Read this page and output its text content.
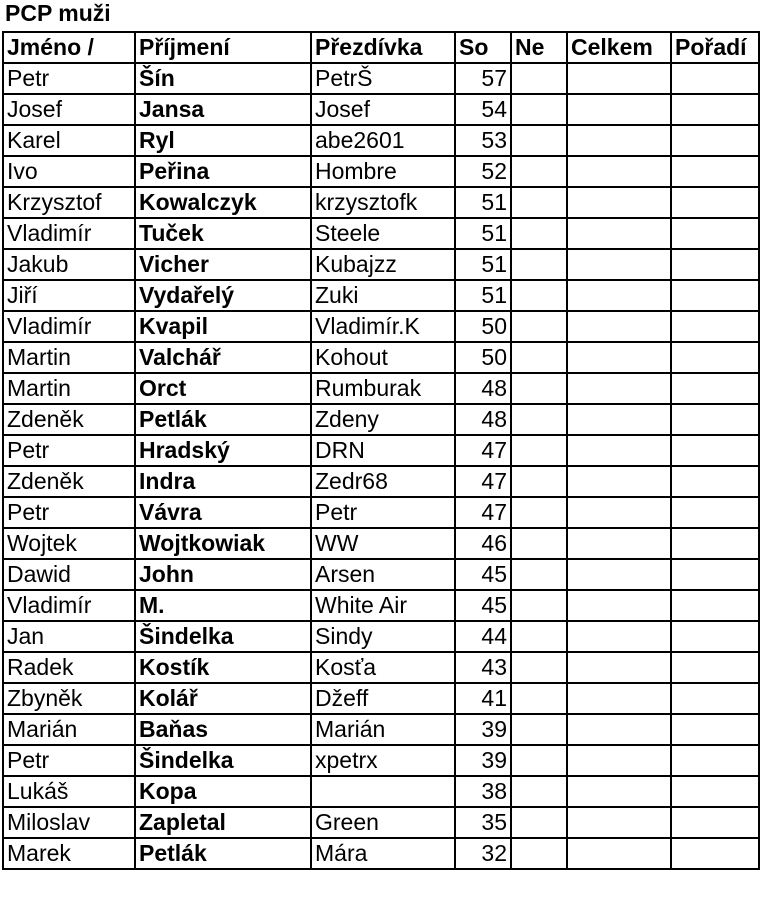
PCP muži
Jméno /	Příjmení	Přezdívka	So	Ne	Celkem	Pořadí
Petr	Šín	PetrŠ	57			
Josef	Jansa	Josef	54			
Karel	Ryl	abe2601	53			
Ivo	Peřina	Hombre	52			
Krzysztof	Kowalczyk	krzysztofk	51			
Vladimír	Tuček	Steele	51			
Jakub	Vicher	Kubajzz	51			
Jiří	Vydařelý	Zuki	51			
Vladimír	Kvapil	Vladimír.K	50			
Martin	Valchář	Kohout	50			
Martin	Orct	Rumburak	48			
Zdeněk	Petlák	Zdeny	48			
Petr	Hradský	DRN	47			
Zdeněk	Indra	Zedr68	47			
Petr	Vávra	Petr	47			
Wojtek	Wojtkowiak	WW	46			
Dawid	John	Arsen	45			
Vladimír	M.	White Air	45			
Jan	Šindelka	Sindy	44			
Radek	Kostík	Kosťa	43			
Zbyněk	Kolář	Džeff	41			
Marián	Baňas	Marián	39			
Petr	Šindelka	xpetrx	39			
Lukáš	Kopa		38			
Miloslav	Zapletal	Green	35			
Marek	Petlák	Mára	32			
